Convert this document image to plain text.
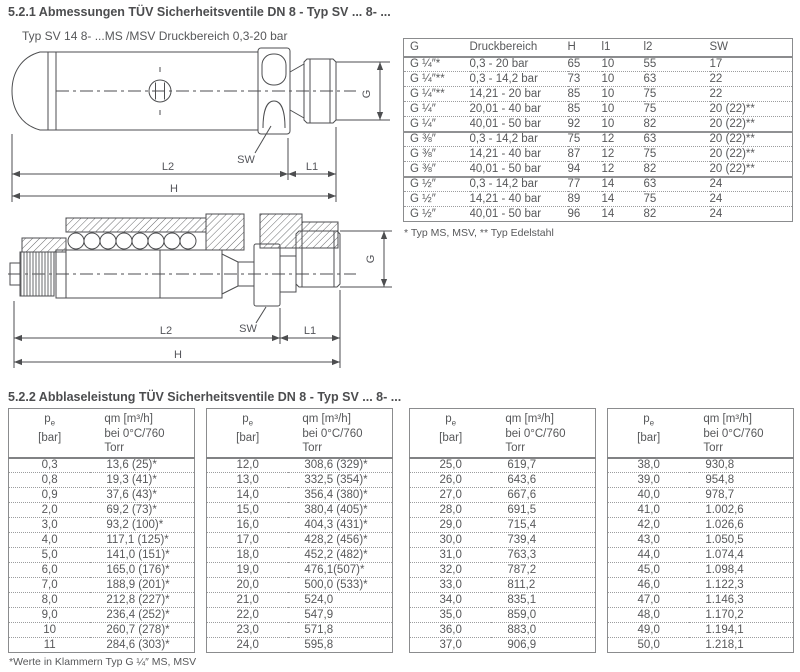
5.2.1 Abmessungen TÜV Sicherheitsventile DN 8 - Typ SV ... 8- ...
Typ SV 14 8- ...MS /MSV Druckbereich 0,3-20 bar
L2	L1
H
SW
G
L2	L1
H
SW
G
G	Druckbereich	H	l1	l2	SW
G ¼″*	0,3 - 20 bar	65	10	55	17
G ¼″**	0,3 - 14,2 bar	73	10	63	22
G ¼″**	14,21 - 20 bar	85	10	75	22
G ¼″	20,01 - 40 bar	85	10	75	20 (22)**
G ¼″	40,01 - 50 bar	92	10	82	20 (22)**
G ⅜″	0,3 - 14,2 bar	75	12	63	20 (22)**
G ⅜″	14,21 - 40 bar	87	12	75	20 (22)**
G ⅜″	40,01 - 50 bar	94	12	82	20 (22)**
G ½″	0,3 - 14,2 bar	77	14	63	24
G ½″	14,21 - 40 bar	89	14	75	24
G ½″	40,01 - 50 bar	96	14	82	24
* Typ MS, MSV, ** Typ Edelstahl
5.2.2 Abblaseleistung TÜV Sicherheitsventile DN 8 - Typ SV ... 8- ...
$p_e$
[bar]

qm [m³/h]
bei 0°C/760
Torr

0,3	13,6 (25)*
0,8	19,3 (41)*
0,9	37,6 (43)*
2,0	69,2 (73)*
3,0	93,2 (100)*
4,0	117,1 (125)*
5,0	141,0 (151)*
6,0	165,0 (176)*
7,0	188,9 (201)*
8,0	212,8 (227)*
9,0	236,4 (252)*
10	260,7 (278)*
11	284,6 (303)*
$p_e$
[bar]

qm [m³/h]
bei 0°C/760
Torr

12,0	308,6 (329)*
13,0	332,5 (354)*
14,0	356,4 (380)*
15,0	380,4 (405)*
16,0	404,3 (431)*
17,0	428,2 (456)*
18,0	452,2 (482)*
19,0	476,1(507)*
20,0	500,0 (533)*
21,0	524,0
22,0	547,9
23,0	571,8
24,0	595,8
$p_e$
[bar]

qm [m³/h]
bei 0°C/760
Torr

25,0	619,7
26,0	643,6
27,0	667,6
28,0	691,5
29,0	715,4
30,0	739,4
31,0	763,3
32,0	787,2
33,0	811,2
34,0	835,1
35,0	859,0
36,0	883,0
37,0	906,9
$p_e$
[bar]

qm [m³/h]
bei 0°C/760
Torr

38,0	930,8
39,0	954,8
40,0	978,7
41,0	1.002,6
42,0	1.026,6
43,0	1.050,5
44,0	1.074,4
45,0	1.098,4
46,0	1.122,3
47,0	1.146,3
48,0	1.170,2
49,0	1.194,1
50,0	1.218,1
*Werte in Klammern Typ G ¼″ MS, MSV
